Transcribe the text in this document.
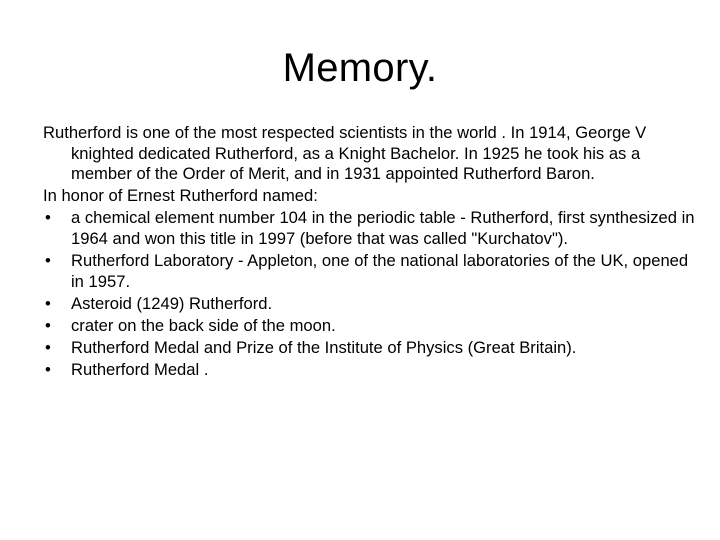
Memory.

Rutherford is one of the most respected scientists in the world . In 1914, George V knighted dedicated Rutherford, as a Knight Bachelor. In 1925 he took his as a member of the Order of Merit, and in 1931 appointed Rutherford Baron.

In honor of Ernest Rutherford named:

• a chemical element number 104 in the periodic table - Rutherford, first synthesized in 1964 and won this title in 1997 (before that was called "Kurchatov").
• Rutherford Laboratory - Appleton, one of the national laboratories of the UK, opened in 1957.
• Asteroid (1249) Rutherford.
• crater on the back side of the moon.
• Rutherford Medal and Prize of the Institute of Physics (Great Britain).
• Rutherford Medal .
